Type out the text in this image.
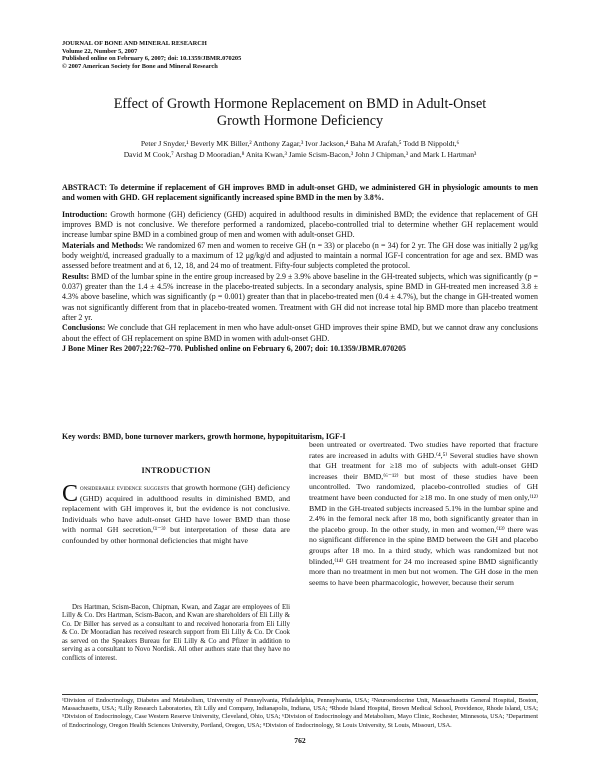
JOURNAL OF BONE AND MINERAL RESEARCH
Volume 22, Number 5, 2007
Published online on February 6, 2007; doi: 10.1359/JBMR.070205
© 2007 American Society for Bone and Mineral Research
Effect of Growth Hormone Replacement on BMD in Adult-Onset
Growth Hormone Deficiency
Peter J Snyder,¹ Beverly MK Biller,² Anthony Zagar,³ Ivor Jackson,⁴ Baha M Arafah,⁵ Todd B Nippoldt,⁶
David M Cook,⁷ Arshag D Mooradian,⁸ Anita Kwan,³ Jamie Scism-Bacon,³ John J Chipman,³ and Mark L Hartman³

ABSTRACT: To determine if replacement of GH improves BMD in adult-onset GHD, we administered GH in physiologic amounts to men and women with GHD. GH replacement significantly increased spine BMD in the men by 3.8%.

Introduction: Growth hormone (GH) deficiency (GHD) acquired in adulthood results in diminished BMD; the evidence that replacement of GH improves BMD is not conclusive. We therefore performed a randomized, placebo-controlled trial to determine whether GH replacement would increase lumbar spine BMD in a combined group of men and women with adult-onset GHD.

Materials and Methods: We randomized 67 men and women to receive GH (n = 33) or placebo (n = 34) for 2 yr. The GH dose was initially 2 μg/kg body weight/d, increased gradually to a maximum of 12 μg/kg/d and adjusted to maintain a normal IGF-I concentration for age and sex. BMD was assessed before treatment and at 6, 12, 18, and 24 mo of treatment. Fifty-four subjects completed the protocol.

Results: BMD of the lumbar spine in the entire group increased by 2.9 ± 3.9% above baseline in the GH-treated subjects, which was significantly (p = 0.037) greater than the 1.4 ± 4.5% increase in the placebo-treated subjects. In a secondary analysis, spine BMD in GH-treated men increased 3.8 ± 4.3% above baseline, which was significantly (p = 0.001) greater than that in placebo-treated men (0.4 ± 4.7%), but the change in GH-treated women was not significantly different from that in placebo-treated women. Treatment with GH did not increase total hip BMD more than placebo treatment after 2 yr.

Conclusions: We conclude that GH replacement in men who have adult-onset GHD improves their spine BMD, but we cannot draw any conclusions about the effect of GH replacement on spine BMD in women with adult-onset GHD.

J Bone Miner Res 2007;22:762–770. Published online on February 6, 2007; doi: 10.1359/JBMR.070205

Key words: BMD, bone turnover markers, growth hormone, hypopituitarism, IGF-I
INTRODUCTION
Considerable evidence suggests that growth hormone (GH) deficiency (GHD) acquired in adulthood results in diminished BMD, and replacement with GH improves it, but the evidence is not conclusive. Individuals who have adult-onset GHD have lower BMD than those with normal GH secretion,⁽¹⁻³⁾ but interpretation of these data are confounded by other hormonal deficiencies that might have
Drs Hartman, Scism-Bacon, Chipman, Kwan, and Zagar are employees of Eli Lilly & Co. Drs Hartman, Scism-Bacon, and Kwan are shareholders of Eli Lilly & Co. Dr Biller has served as a consultant to and received honoraria from Eli Lilly & Co. Dr Mooradian has received research support from Eli Lilly & Co. Dr Cook as served on the Speakers Bureau for Eli Lilly & Co and Pfizer in addition to serving as a consultant to Novo Nordisk. All other authors state that they have no conflicts of interest.
been untreated or overtreated. Two studies have reported that fracture rates are increased in adults with GHD.⁽⁴,⁵⁾ Several studies have shown that GH treatment for ≥18 mo of subjects with adult-onset GHD increases their BMD,⁽⁶⁻¹²⁾ but most of these studies have been uncontrolled. Two randomized, placebo-controlled studies of GH treatment have been conducted for ≥18 mo. In one study of men only,⁽¹²⁾ BMD in the GH-treated subjects increased 5.1% in the lumbar spine and 2.4% in the femoral neck after 18 mo, both significantly greater than in the placebo group. In the other study, in men and women,⁽¹³⁾ there was no significant difference in the spine BMD between the GH and placebo groups after 18 mo. In a third study, which was randomized but not blinded,⁽¹⁴⁾ GH treatment for 24 mo increased spine BMD significantly more than no treatment in men but not women. The GH dose in the men seems to have been pharmacologic, however, because their serum
¹Division of Endocrinology, Diabetes and Metabolism, University of Pennsylvania, Philadelphia, Pennsylvania, USA; ²Neuroendocrine Unit, Massachusetts General Hospital, Boston, Massachusetts, USA; ³Lilly Research Laboratories, Eli Lilly and Company, Indianapolis, Indiana, USA; ⁴Rhode Island Hospital, Brown Medical School, Providence, Rhode Island, USA; ⁵Division of Endocrinology, Case Western Reserve University, Cleveland, Ohio, USA; ⁶Division of Endocrinology and Metabolism, Mayo Clinic, Rochester, Minnesota, USA; ⁷Department of Endocrinology, Oregon Health Sciences University, Portland, Oregon, USA; ⁸Division of Endocrinology, St Louis University, St Louis, Missouri, USA.
762
